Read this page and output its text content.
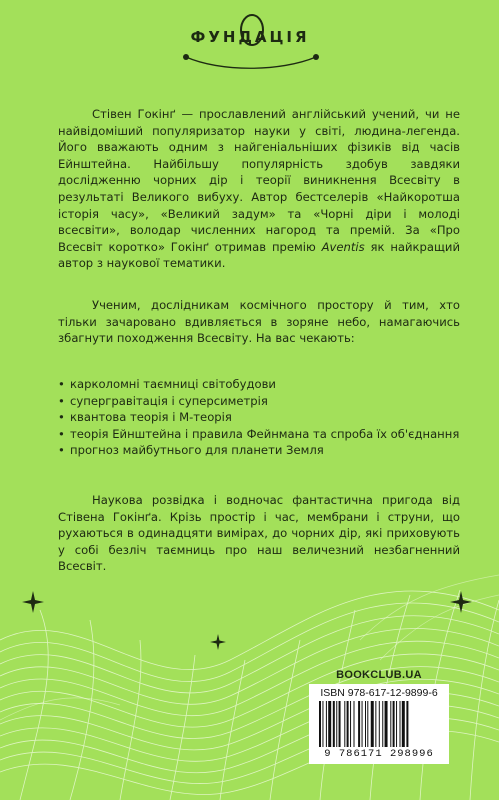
ФУНДАЦІЯ
Стівен Гокінґ — прославлений англійський учений, чи не найвідоміший популяризатор науки у світі, людина-легенда. Його вважають одним з найгеніальніших фізиків від часів Ейнштейна. Найбільшу популярність здобув завдяки дослідженню чорних дір і теорії виникнення Всесвіту в результаті Великого вибуху. Автор бестселерів «Найкоротша історія часу», «Великий задум» та «Чорні діри і молоді всесвіти», володар численних нагород та премій. За «Про Всесвіт коротко» Гокінґ отримав премію Aventis як найкращий автор з наукової тематики.
Ученим, дослідникам космічного простору й тим, хто тільки зачаровано вдивляється в зоряне небо, намагаючись збагнути походження Всесвіту. На вас чекають:
• карколомні таємниці світобудови
• супергравітація і суперсиметрія
• квантова теорія і М-теорія
• теорія Ейнштейна і правила Фейнмана та спроба їх об'єднання
• прогноз майбутнього для планети Земля
Наукова розвідка і водночас фантастична пригода від Стівена Гокінґа. Крізь простір і час, мембрани і струни, що рухаються в одинадцяти вимірах, до чорних дір, які приховують у собі безліч таємниць про наш величезний незбагненний Всесвіт.
BOOKCLUB.UA
ISBN 978-617-12-9899-6
9 786171 298996
